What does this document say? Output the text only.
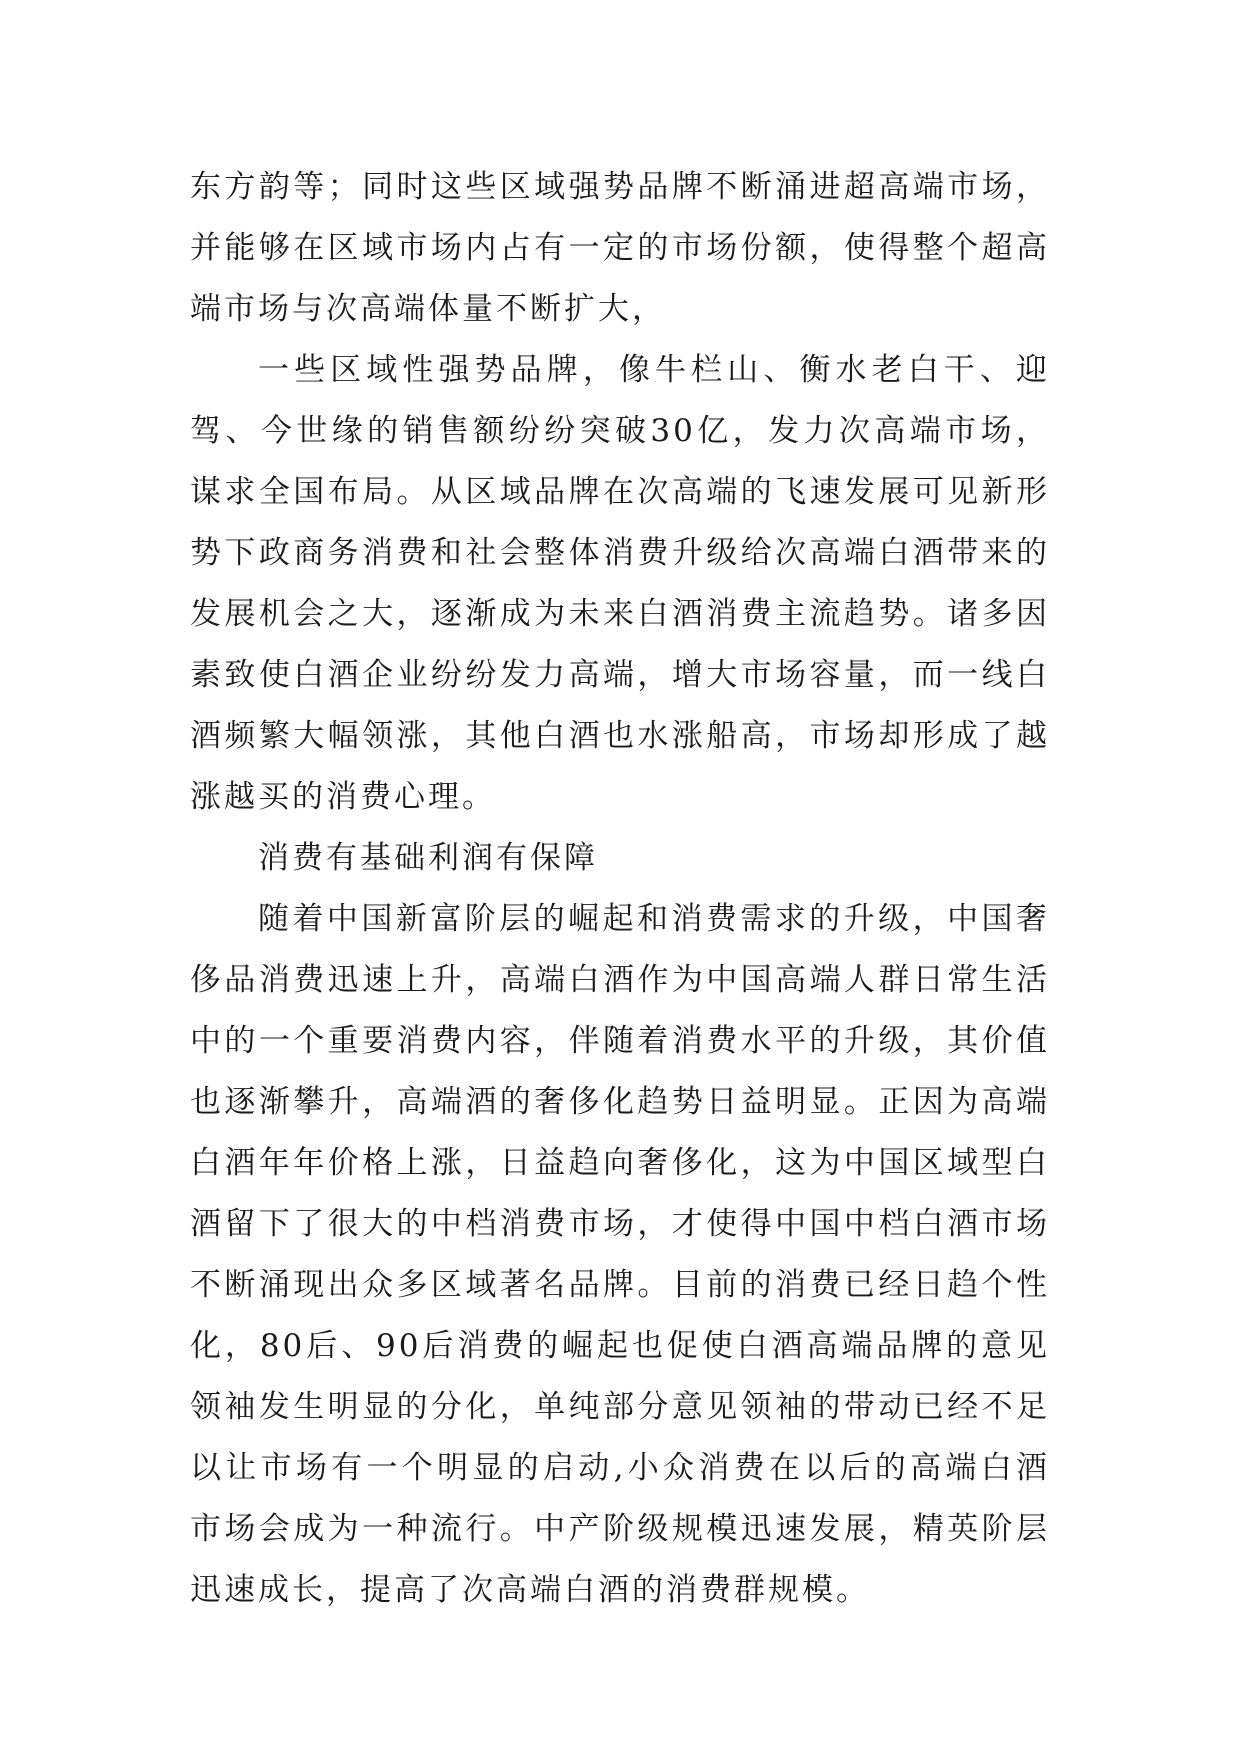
东方韵等；同时这些区域强势品牌不断涌进超高端市场，并能够在区域市场内占有一定的市场份额，使得整个超高端市场与次高端体量不断扩大，

一些区域性强势品牌，像牛栏山、衡水老白干、迎驾、今世缘的销售额纷纷突破30亿，发力次高端市场，谋求全国布局。从区域品牌在次高端的飞速发展可见新形势下政商务消费和社会整体消费升级给次高端白酒带来的发展机会之大，逐渐成为未来白酒消费主流趋势。诸多因素致使白酒企业纷纷发力高端，增大市场容量，而一线白酒频繁大幅领涨，其他白酒也水涨船高，市场却形成了越涨越买的消费心理。

消费有基础利润有保障

随着中国新富阶层的崛起和消费需求的升级，中国奢侈品消费迅速上升，高端白酒作为中国高端人群日常生活中的一个重要消费内容，伴随着消费水平的升级，其价值也逐渐攀升，高端酒的奢侈化趋势日益明显。正因为高端白酒年年价格上涨，日益趋向奢侈化，这为中国区域型白酒留下了很大的中档消费市场，才使得中国中档白酒市场不断涌现出众多区域著名品牌。目前的消费已经日趋个性化，80后、90后消费的崛起也促使白酒高端品牌的意见领袖发生明显的分化，单纯部分意见领袖的带动已经不足以让市场有一个明显的启动,小众消费在以后的高端白酒市场会成为一种流行。中产阶级规模迅速发展，精英阶层迅速成长，提高了次高端白酒的消费群规模。
